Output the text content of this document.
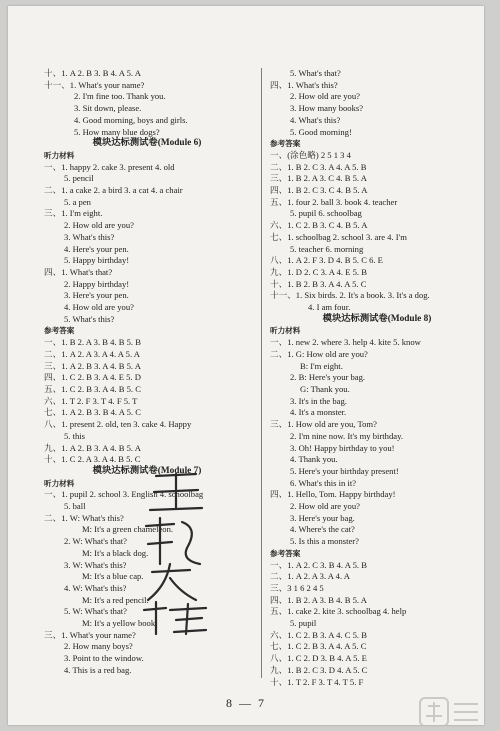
十、1. A 2. B 3. B 4. A 5. A
十一、1. What's your name?
2. I'm fine too. Thank you.
3. Sit down, please.
4. Good morning, boys and girls.
5. How many blue dogs?
模块达标测试卷(Module 6)
听力材料
一、1. happy 2. cake 3. present 4. old
5. pencil
二、1. a cake 2. a bird 3. a cat 4. a chair
5. a pen
三、1. I'm eight.
2. How old are you?
3. What's this?
4. Here's your pen.
5. Happy birthday!
四、1. What's that?
2. Happy birthday!
3. Here's your pen.
4. How old are you?
5. What's this?
参考答案
一、1. B 2. A 3. B 4. B 5. B
二、1. A 2. A 3. A 4. A 5. A
三、1. A 2. B 3. A 4. B 5. A
四、1. C 2. B 3. A 4. E 5. D
五、1. C 2. B 3. A 4. B 5. C
六、1. T 2. F 3. T 4. F 5. T
七、1. A 2. B 3. B 4. A 5. C
八、1. present 2. old, ten 3. cake 4. Happy
5. this
九、1. A 2. B 3. A 4. B 5. A
十、1. C 2. A 3. A 4. B 5. C
模块达标测试卷(Module 7)
听力材料
一、1. pupil 2. school 3. English 4. schoolbag
5. ball
二、1. W: What's this?
M: It's a green chameleon.
2. W: What's that?
M: It's a black dog.
3. W: What's this?
M: It's a blue cap.
4. W: What's this?
M: It's a red pencil.
5. W: What's that?
M: It's a yellow book.
三、1. What's your name?
2. How many boys?
3. Point to the window.
4. This is a red bag.
5. What's that?
四、1. What's this?
2. How old are you?
3. How many books?
4. What's this?
5. Good morning!
参考答案
一、(涂色略) 2 5 1 3 4
二、1. B 2. C 3. A 4. A 5. B
三、1. B 2. A 3. C 4. B 5. A
四、1. B 2. C 3. C 4. B 5. A
五、1. four 2. ball 3. book 4. teacher
5. pupil 6. schoolbag
六、1. C 2. B 3. C 4. B 5. A
七、1. schoolbag 2. school 3. are 4. I'm
5. teacher 6. morning
八、1. A 2. F 3. D 4. B 5. C 6. E
九、1. D 2. C 3. A 4. E 5. B
十、1. B 2. B 3. A 4. A 5. C
十一、1. Six birds. 2. It's a book. 3. It's a dog.
4. I am four.
模块达标测试卷(Module 8)
听力材料
一、1. new 2. where 3. help 4. kite 5. know
二、1. G: How old are you?
B: I'm eight.
2. B: Here's your bag.
G: Thank you.
3. It's in the bag.
4. It's a monster.
三、1. How old are you, Tom?
2. I'm nine now. It's my birthday.
3. Oh! Happy birthday to you!
4. Thank you.
5. Here's your birthday present!
6. What's this in it?
四、1. Hello, Tom. Happy birthday!
2. How old are you?
3. Here's your bag.
4. Where's the cat?
5. Is this a monster?
参考答案
一、1. A 2. C 3. B 4. A 5. B
二、1. A 2. A 3. A 4. A
三、3 1 6 2 4 5
四、1. B 2. A 3. B 4. B 5. A
五、1. cake 2. kite 3. schoolbag 4. help
5. pupil
六、1. C 2. B 3. A 4. C 5. B
七、1. C 2. B 3. A 4. A 5. C
八、1. C 2. D 3. B 4. A 5. E
九、1. B 2. C 3. D 4. A 5. C
十、1. T 2. F 3. T 4. T 5. F
8 — 7
